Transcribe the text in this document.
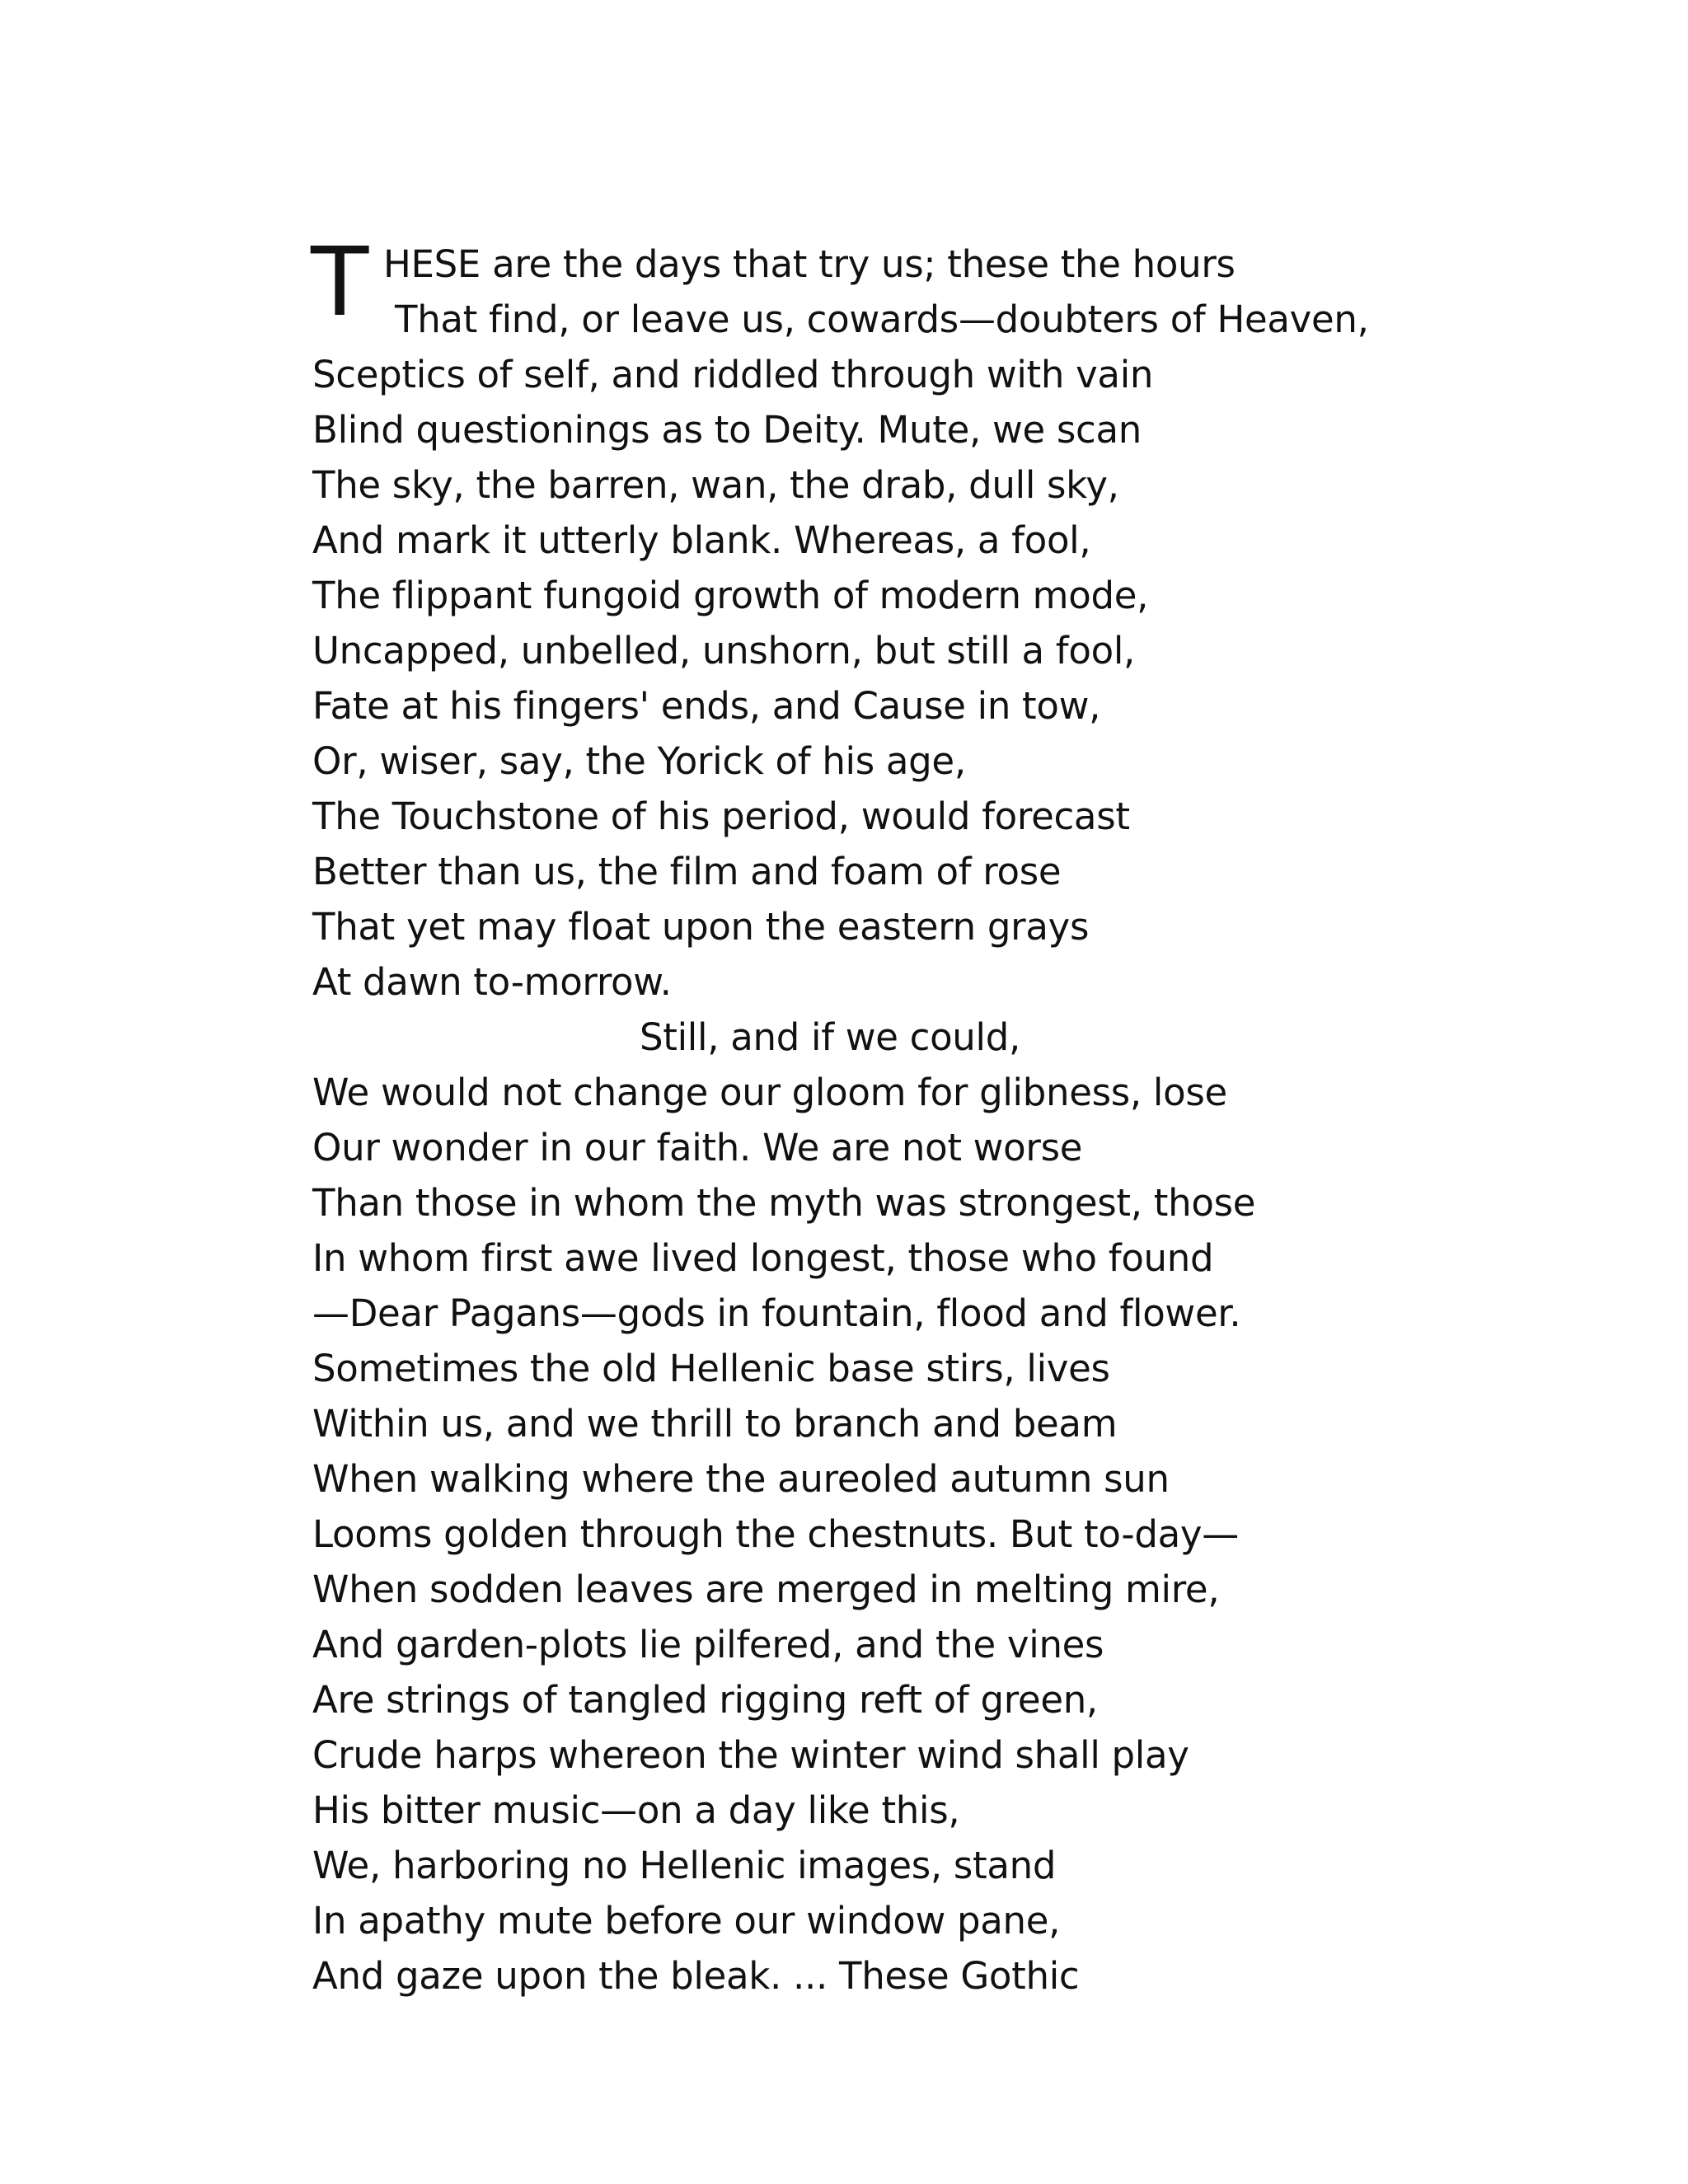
T HESE are the days that try us; these the hours
That find, or leave us, cowards—doubters of Heaven,
Sceptics of self, and riddled through with vain
Blind questionings as to Deity. Mute, we scan
The sky, the barren, wan, the drab, dull sky,
And mark it utterly blank. Whereas, a fool,
The flippant fungoid growth of modern mode,
Uncapped, unbelled, unshorn, but still a fool,
Fate at his fingers' ends, and Cause in tow,
Or, wiser, say, the Yorick of his age,
The Touchstone of his period, would forecast
Better than us, the film and foam of rose
That yet may float upon the eastern grays
At dawn to-morrow.
Still, and if we could,
We would not change our gloom for glibness, lose
Our wonder in our faith. We are not worse
Than those in whom the myth was strongest, those
In whom first awe lived longest, those who found
—Dear Pagans—gods in fountain, flood and flower.
Sometimes the old Hellenic base stirs, lives
Within us, and we thrill to branch and beam
When walking where the aureoled autumn sun
Looms golden through the chestnuts. But to-day—
When sodden leaves are merged in melting mire,
And garden-plots lie pilfered, and the vines
Are strings of tangled rigging reft of green,
Crude harps whereon the winter wind shall play
His bitter music—on a day like this,
We, harboring no Hellenic images, stand
In apathy mute before our window pane,
And gaze upon the bleak. ... These Gothic
